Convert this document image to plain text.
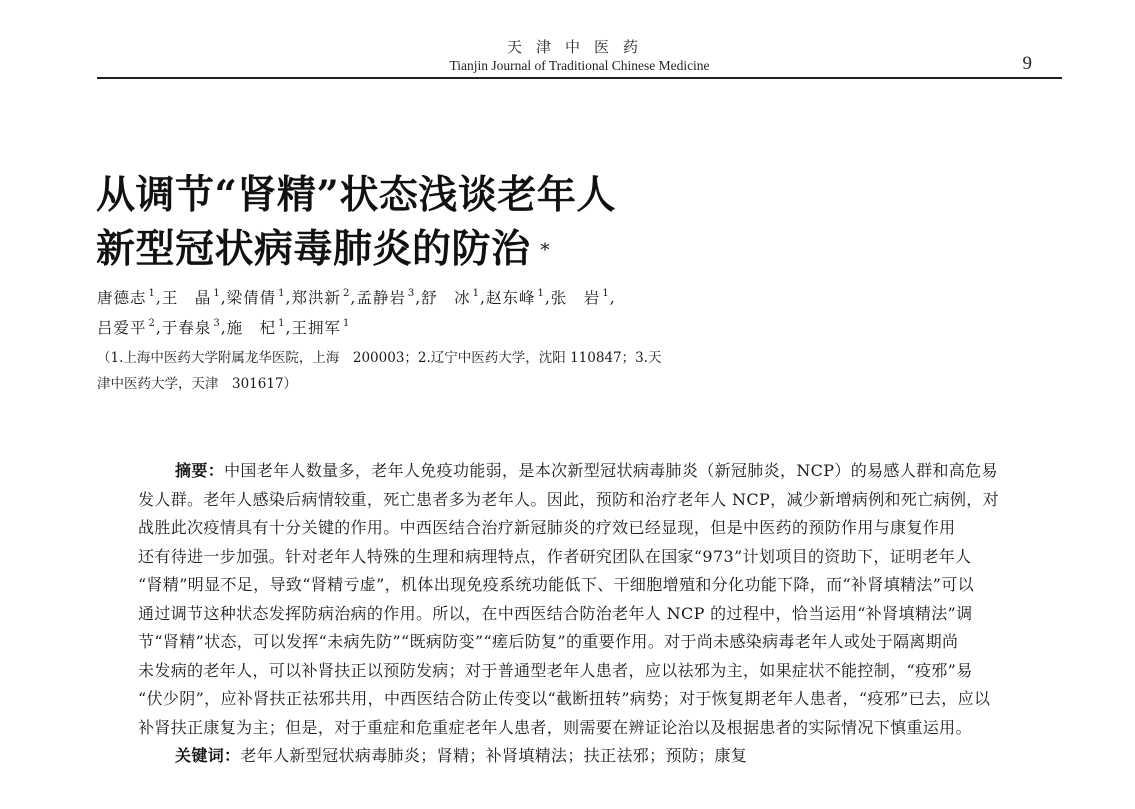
天津中医药
Tianjin Journal of Traditional Chinese Medicine	9
从调节“肾精”状态浅谈老年人
新型冠状病毒肺炎的防治 *
唐德志 $^1$,王　晶 $^1$,梁倩倩 $^1$,郑洪新 $^2$,孟静岩 $^3$,舒　冰 $^1$,赵东峰 $^1$,张　岩 $^1$,
吕爱平 $^2$,于春泉 $^3$,施　杞 $^1$,王拥军 $^1$
（1.上海中医药大学附属龙华医院，上海　200003；2.辽宁中医药大学，沈阳 110847；3.天
津中医药大学，天津　301617）
摘要：中国老年人数量多，老年人免疫功能弱，是本次新型冠状病毒肺炎（新冠肺炎，NCP）的易感人群和高危易
发人群。老年人感染后病情较重，死亡患者多为老年人。因此，预防和治疗老年人 NCP，减少新增病例和死亡病例，对
战胜此次疫情具有十分关键的作用。中西医结合治疗新冠肺炎的疗效已经显现，但是中医药的预防作用与康复作用
还有待进一步加强。针对老年人特殊的生理和病理特点，作者研究团队在国家“973”计划项目的资助下，证明老年人
“肾精”明显不足，导致“肾精亏虚”，机体出现免疫系统功能低下、干细胞增殖和分化功能下降，而“补肾填精法”可以
通过调节这种状态发挥防病治病的作用。所以，在中西医结合防治老年人 NCP 的过程中，恰当运用“补肾填精法”调
节“肾精”状态，可以发挥“未病先防”“既病防变”“瘥后防复”的重要作用。对于尚未感染病毒老年人或处于隔离期尚
未发病的老年人，可以补肾扶正以预防发病；对于普通型老年人患者，应以祛邪为主，如果症状不能控制，“疫邪”易
“伏少阴”，应补肾扶正祛邪共用，中西医结合防止传变以“截断扭转”病势；对于恢复期老年人患者，“疫邪”已去，应以
补肾扶正康复为主；但是，对于重症和危重症老年人患者，则需要在辨证论治以及根据患者的实际情况下慎重运用。
关键词：老年人新型冠状病毒肺炎；肾精；补肾填精法；扶正祛邪；预防；康复
